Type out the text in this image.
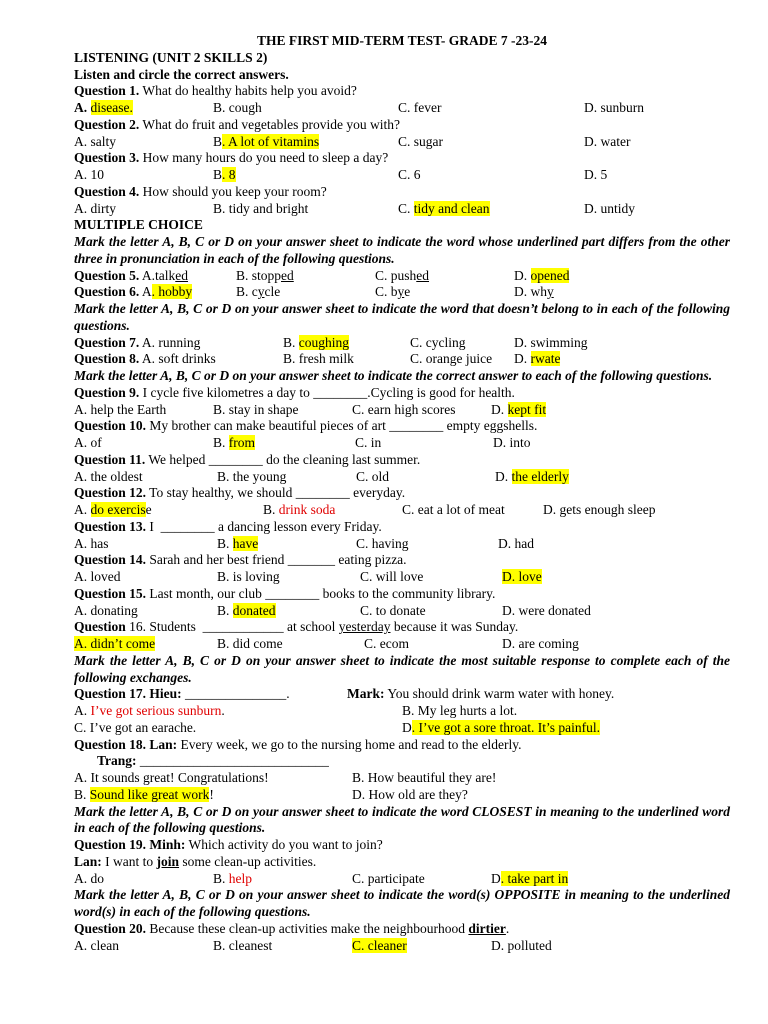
THE FIRST MID-TERM TEST- GRADE 7 -23-24
LISTENING (UNIT 2 SKILLS 2)
Listen and circle the correct answers.
Question 1. What do healthy habits help you avoid?
A. disease.	B. cough	C. fever	D. sunburn
Question 2. What do fruit and vegetables provide you with?
A. salty	B. A lot of vitamins	C. sugar	D. water
Question 3. How many hours do you need to sleep a day?
A. 10	B. 8	C. 6	D. 5
Question 4. How should you keep your room?
A. dirty	B. tidy and bright	C. tidy and clean	D. untidy
MULTIPLE CHOICE
Mark the letter A, B, C or D on your answer sheet to indicate the word whose underlined part differs from the other three in pronunciation in each of the following questions.
Question 5. A.talked	B. stopped	C. pushed	D. opened
Question 6. A. hobby	B. cycle	C. bye	D. why
Mark the letter A, B, C or D on your answer sheet to indicate the word that doesn’t belong to in each of the following questions.
Question 7. A. running	B. coughing	C. cycling	D. swimming
Question 8. A. soft drinks	B. fresh milk	C. orange juice D. rwate
Mark the letter A, B, C or D on your answer sheet to indicate the correct answer to each of the following questions.
Question 9. I cycle five kilometres a day to ________.Cycling is good for health.
A. help the Earth	B. stay in shape	C. earn high scores	D. kept fit
Question 10. My brother can make beautiful pieces of art ________ empty eggshells.
A. of	B. from	C. in	D. into
Question 11. We helped ________ do the cleaning last summer.
A. the oldest	B. the young	C. old	D. the elderly
Question 12. To stay healthy, we should ________ everyday.
A. do exercise	B. drink soda	C. eat a lot of meat	D. gets enough sleep
Question 13. I  ________ a dancing lesson every Friday.
A. has	B. have	C. having	D. had
Question 14. Sarah and her best friend _______ eating pizza.
A. loved	B. is loving	C. will love	D. love
Question 15. Last month, our club ________ books to the community library.
A. donating	B. donated	C. to donate	D. were donated
Question 16. Students  ____________ at school yesterday because it was Sunday.
A. didn’t come	B. did come	C. ecom	D. are coming
Mark the letter A, B, C or D on your answer sheet to indicate the most suitable response to complete each of the following exchanges.
Question 17. Hieu: _______________.	Mark: You should drink warm water with honey.
A. I’ve got serious sunburn.	B. My leg hurts a lot.
C. I’ve got an earache.	D. I’ve got a sore throat. It’s painful.
Question 18. Lan: Every week, we go to the nursing home and read to the elderly.
Trang: ____________________________
A. It sounds great! Congratulations!	B. How beautiful they are!
B. Sound like great work!	D. How old are they?
Mark the letter A, B, C or D on your answer sheet to indicate the word CLOSEST in meaning to the underlined word in each of the following questions.
Question 19. Minh: Which activity do you want to join?
Lan: I want to join some clean-up activities.
A. do	B. help	C. participate	D. take part in
Mark the letter A, B, C or D on your answer sheet to indicate the word(s) OPPOSITE in meaning to the underlined word(s) in each of the following questions.
Question 20. Because these clean-up activities make the neighbourhood dirtier.
A. clean	B. cleanest	C. cleaner	D. polluted
